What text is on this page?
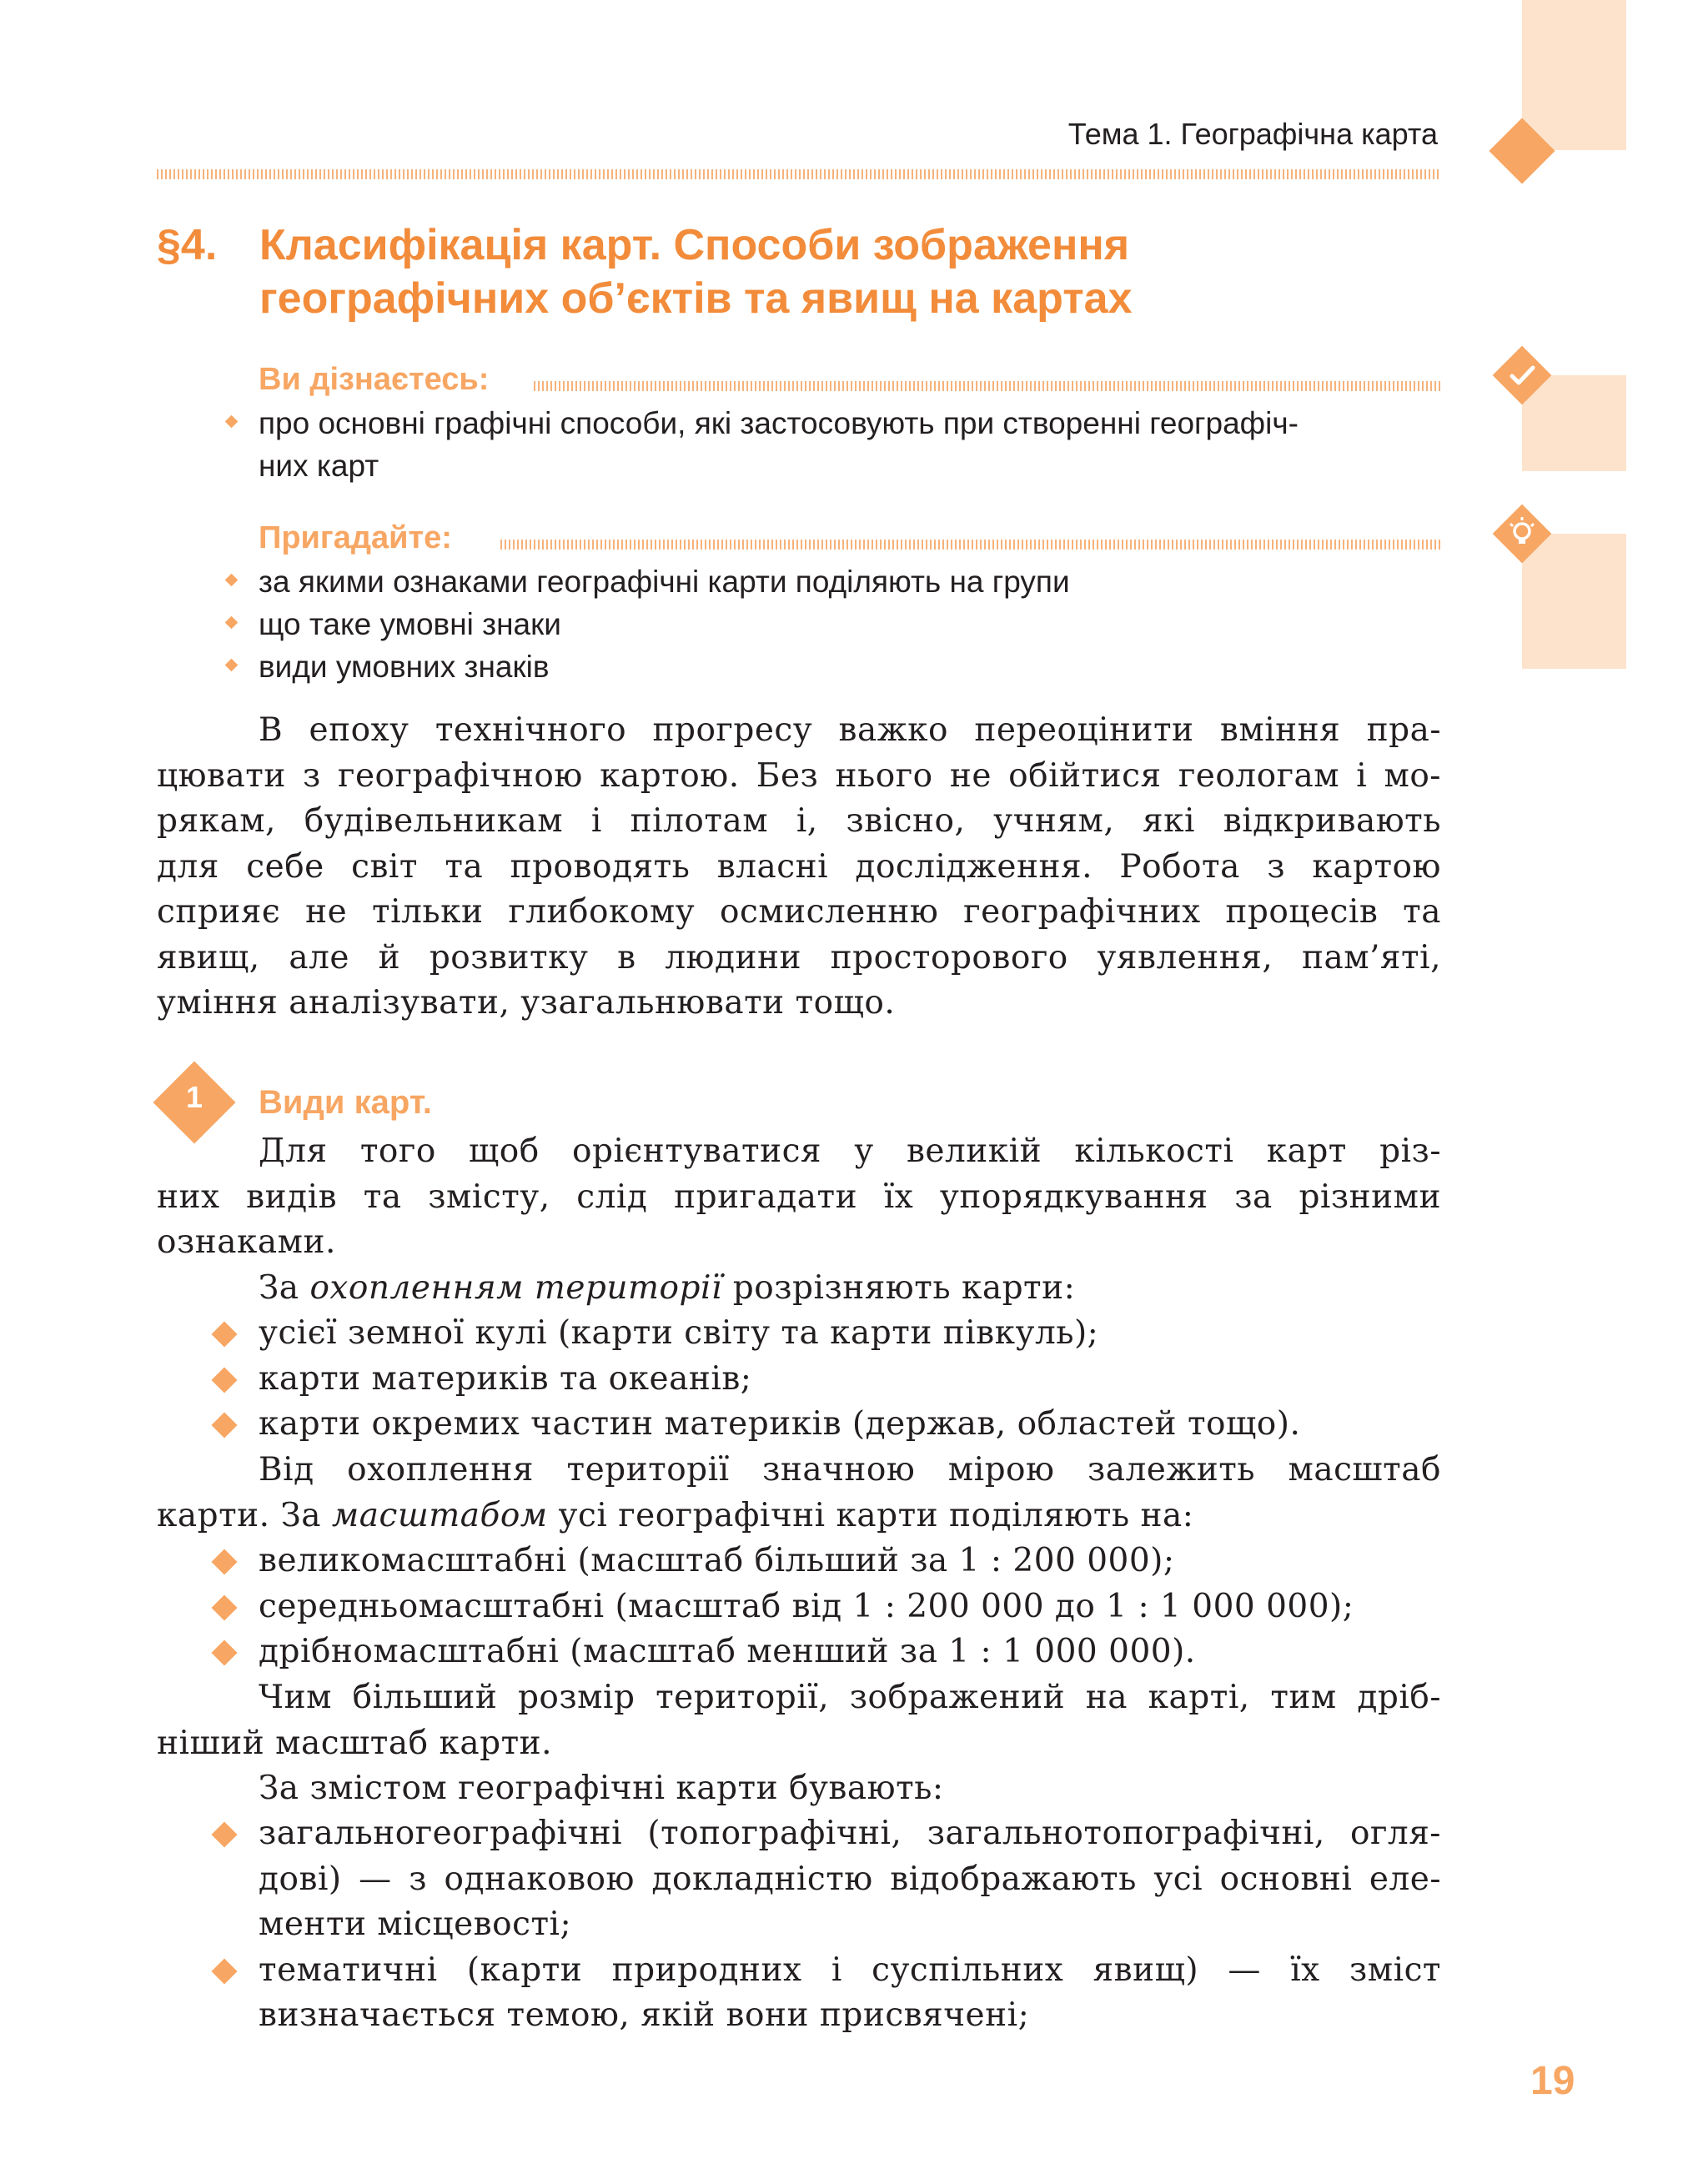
Тема 1. Географічна карта
§4. Класифікація карт. Способи зображення
географічних об’єктів та явищ на картах
Ви дізнаєтесь:
про основні графічні способи, які застосовують при створенні географіч-
них карт
Пригадайте:
за якими ознаками географічні карти поділяють на групи
що таке умовні знаки
види умовних знаків
В епоху технічного прогресу важко переоцінити вміння пра-
цювати з географічною картою. Без нього не обійтися геологам і мо-
рякам, будівельникам і пілотам і, звісно, учням, які відкривають
для себе світ та проводять власні дослідження. Робота з картою
сприяє не тільки глибокому осмисленню географічних процесів та
явищ, але й розвитку в людини просторового уявлення, пам’яті,
уміння аналізувати, узагальнювати тощо.
1	Види карт.
Для того щоб орієнтуватися у великій кількості карт різ-
них видів та змісту, слід пригадати їх упорядкування за різними
ознаками.
За охопленням території розрізняють карти:
усієї земної кулі (карти світу та карти півкуль);
карти материків та океанів;
карти окремих частин материків (держав, областей тощо).
Від охоплення території значною мірою залежить масштаб
карти. За масштабом усі географічні карти поділяють на:
великомасштабні (масштаб більший за 1 : 200 000);
середньомасштабні (масштаб від 1 : 200 000 до 1 : 1 000 000);
дрібномасштабні (масштаб менший за 1 : 1 000 000).
Чим більший розмір території, зображений на карті, тим дріб-
ніший масштаб карти.
За змістом географічні карти бувають:
загальногеографічні (топографічні, загальнотопографічні, огля-
дові) — з однаковою докладністю відображають усі основні еле-
менти місцевості;
тематичні (карти природних і суспільних явищ) — їх зміст
визначається темою, якій вони присвячені;
19
